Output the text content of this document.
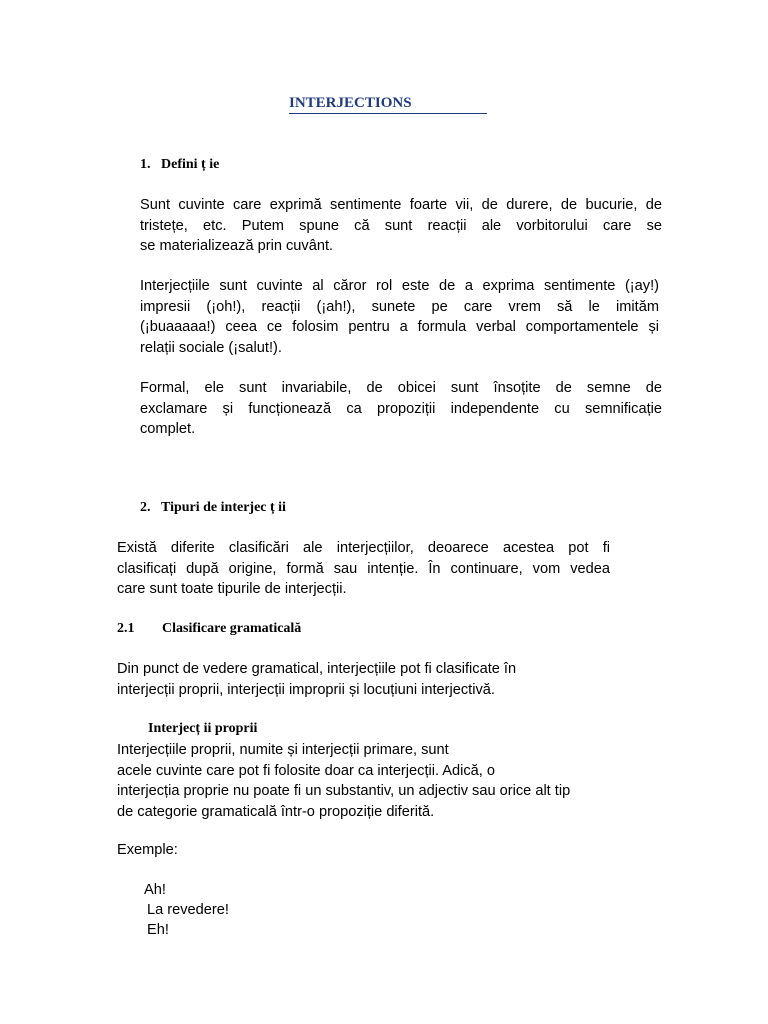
INTERJECTIONS
1. Defini ț ie
Sunt cuvinte care exprimă sentimente foarte vii, de durere, de bucurie, de
tristețe, etc. Putem spune că sunt reacții ale vorbitorului care se
se materializează prin cuvânt.
Interjecțiile sunt cuvinte al căror rol este de a exprima sentimente (¡ay!)
impresii (¡oh!), reacții (¡ah!), sunete pe care vrem să le imităm
(¡buaaaaa!) ceea ce folosim pentru a formula verbal comportamentele și
relații sociale (¡salut!).
Formal, ele sunt invariabile, de obicei sunt însoțite de semne de
exclamare și funcționează ca propoziții independente cu semnificație
complet.
2. Tipuri de interjec ț ii
Există diferite clasificări ale interjecțiilor, deoarece acestea pot fi
clasificați după origine, formă sau intenție. În continuare, vom vedea
care sunt toate tipurile de interjecții.
2.1 Clasificare gramaticală
Din punct de vedere gramatical, interjecțiile pot fi clasificate în
interjecții proprii, interjecții improprii și locuțiuni interjectivă.
Interjecț ii proprii
Interjecțiile proprii, numite și interjecții primare, sunt
acele cuvinte care pot fi folosite doar ca interjecții. Adică, o
interjecția proprie nu poate fi un substantiv, un adjectiv sau orice alt tip
de categorie gramaticală într-o propoziție diferită.
Exemple:
Ah!
La revedere!
Eh!
